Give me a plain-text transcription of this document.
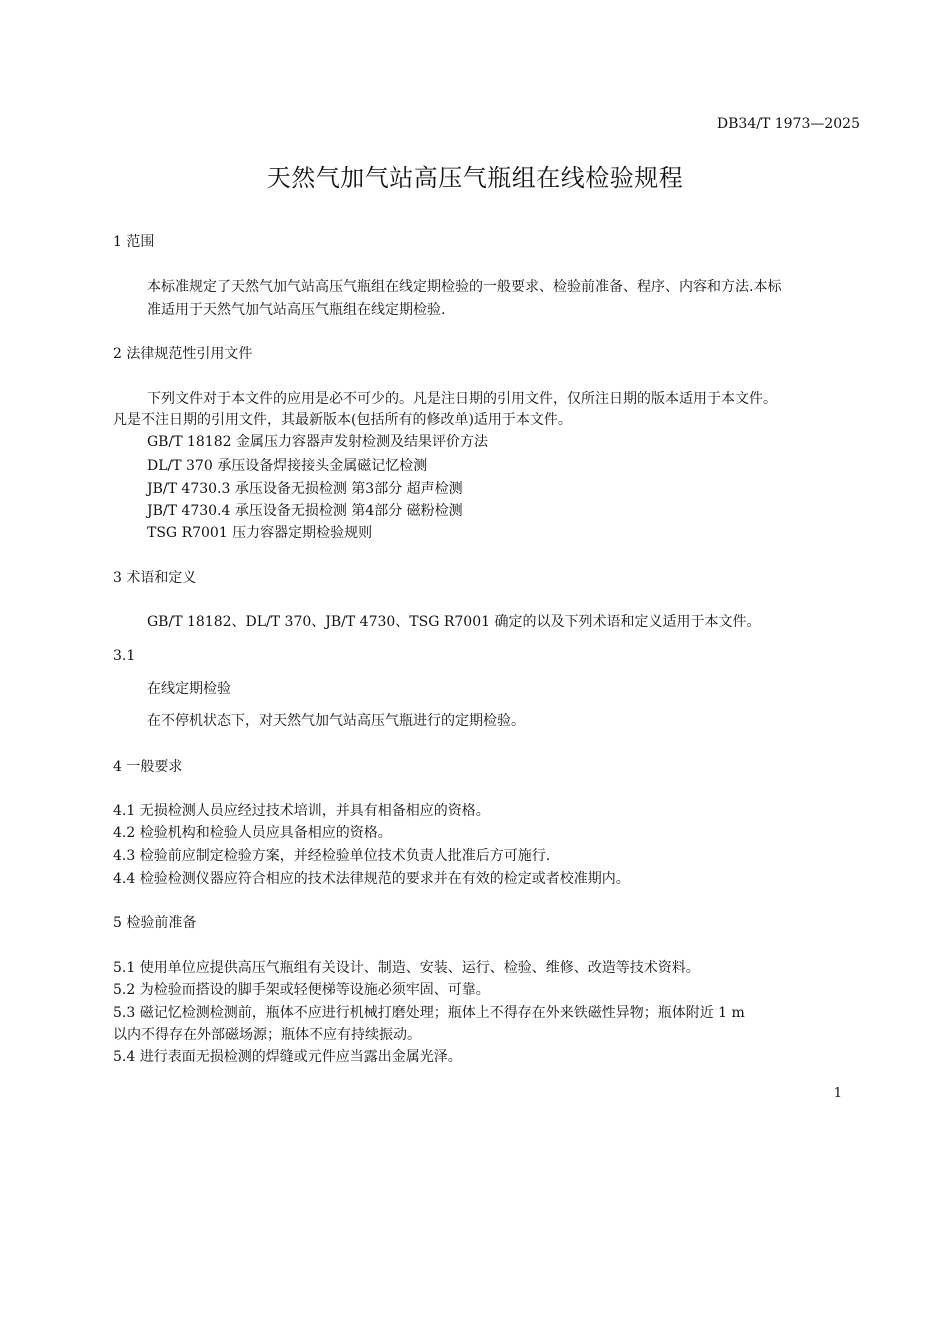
DB34/T 1973—2025
天然气加气站高压气瓶组在线检验规程
1 范围
本标准规定了天然气加气站高压气瓶组在线定期检验的一般要求、检验前准备、程序、内容和方法.本标
准适用于天然气加气站高压气瓶组在线定期检验.
2 法律规范性引用文件
下列文件对于本文件的应用是必不可少的。凡是注日期的引用文件，仅所注日期的版本适用于本文件。
凡是不注日期的引用文件，其最新版本(包括所有的修改单)适用于本文件。
GB/T 18182 金属压力容器声发射检测及结果评价方法
DL/T 370 承压设备焊接接头金属磁记忆检测
JB/T 4730.3 承压设备无损检测 第3部分 超声检测
JB/T 4730.4 承压设备无损检测 第4部分 磁粉检测
TSG R7001 压力容器定期检验规则
3 术语和定义
GB/T 18182、DL/T 370、JB/T 4730、TSG R7001 确定的以及下列术语和定义适用于本文件。
3.1
在线定期检验
在不停机状态下，对天然气加气站高压气瓶进行的定期检验。
4 一般要求
4.1 无损检测人员应经过技术培训，并具有相备相应的资格。
4.2 检验机构和检验人员应具备相应的资格。
4.3 检验前应制定检验方案，并经检验单位技术负责人批准后方可施行.
4.4 检验检测仪器应符合相应的技术法律规范的要求并在有效的检定或者校准期内。
5 检验前准备
5.1 使用单位应提供高压气瓶组有关设计、制造、安装、运行、检验、维修、改造等技术资料。
5.2 为检验而搭设的脚手架或轻便梯等设施必须牢固、可靠。
5.3 磁记忆检测检测前，瓶体不应进行机械打磨处理；瓶体上不得存在外来铁磁性异物；瓶体附近 1 m
以内不得存在外部磁场源；瓶体不应有持续振动。
5.4 进行表面无损检测的焊缝或元件应当露出金属光泽。
1
